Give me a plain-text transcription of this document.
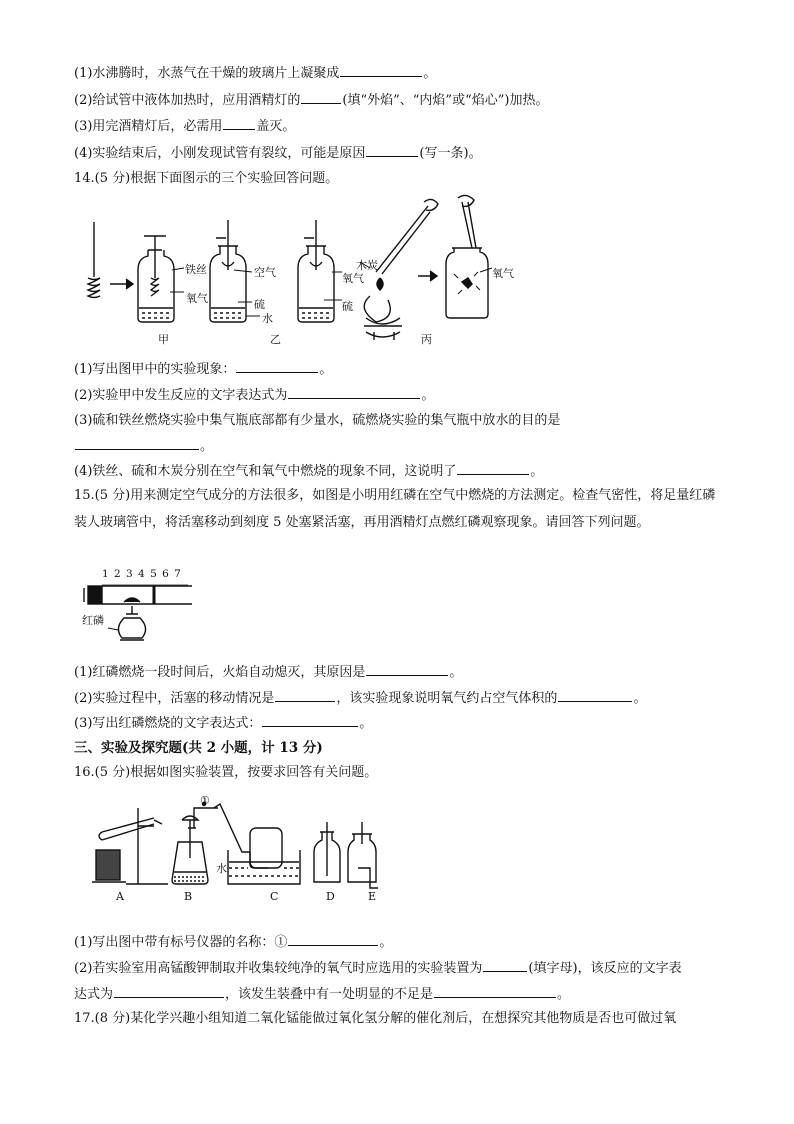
(1)水沸腾时，水蒸气在干燥的玻璃片上凝聚成	。
(2)给试管中液体加热时，应用酒精灯的	(填“外焰”、“内焰”或“焰心”)加热。
(3)用完酒精灯后，必需用	盖灭。
(4)实验结束后，小刚发现试管有裂纹，可能是原因	(写一条)。
14.(5 分)根据下面图示的三个实验回答问题。
铁丝
氧气
空气
硫
水
氧气
硫
木炭
氧气
甲	乙	丙
(1)写出图甲中的实验现象：	。
(2)实验甲中发生反应的文字表达式为	。
(3)硫和铁丝燃烧实验中集气瓶底部都有少量水，硫燃烧实验的集气瓶中放水的目的是
。
(4)铁丝、硫和木炭分别在空气和氧气中燃烧的现象不同，这说明了	。
15.(5 分)用来测定空气成分的方法很多，如图是小明用红磷在空气中燃烧的方法测定。检查气密性，将足量红磷装人玻璃管中，将活塞移动到刻度 5 处塞紧活塞，再用酒精灯点燃红磷观察现象。请回答下列问题。
1 2 3 4 5 6 7
红磷
(1)红磷燃烧一段时间后，火焰自动熄灭，其原因是	。
(2)实验过程中，活塞的移动情况是	，该实验现象说明氧气约占空气体积的	。
(3)写出红磷燃烧的文字表达式：	。
三、实验及探究题(共 2 小题，计 13 分)
16.(5 分)根据如图实验装置，按要求回答有关问题。
①
水
A	B	C	D	E
(1)写出图中带有标号仪器的名称：①	。
(2)若实验室用高锰酸钾制取并收集较纯净的氧气时应选用的实验装置为	(填字母)，该反应的文字表
达式为	，该发生装叠中有一处明显的不足是	。
17.(8 分)某化学兴趣小组知道二氧化锰能做过氧化氢分解的催化剂后，在想探究其他物质是否也可做过氧
